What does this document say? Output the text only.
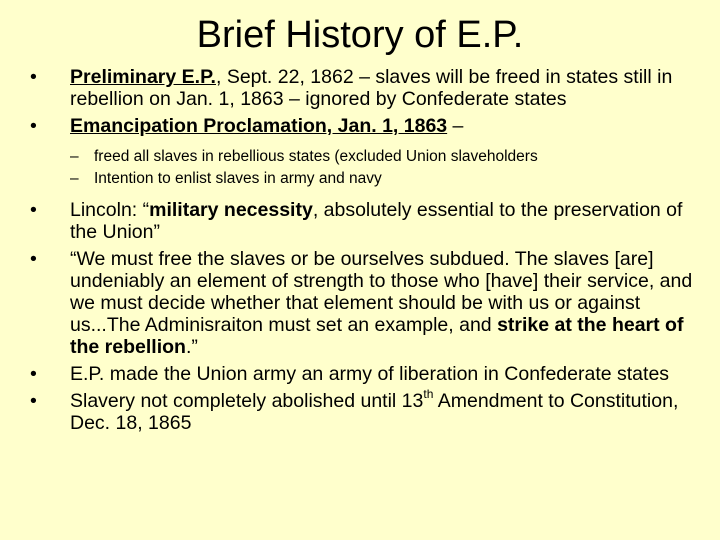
Brief History of E.P.
• Preliminary E.P., Sept. 22, 1862 – slaves will be freed in states still in rebellion on Jan. 1, 1863 – ignored by Confederate states
• Emancipation Proclamation, Jan. 1, 1863 –
– freed all slaves in rebellious states (excluded Union slaveholders
– Intention to enlist slaves in army and navy
• Lincoln: “military necessity, absolutely essential to the preservation of the Union”
• “We must free the slaves or be ourselves subdued. The slaves [are] undeniably an element of strength to those who [have] their service, and we must decide whether that element should be with us or against us...The Adminisraiton must set an example, and strike at the heart of the rebellion.”
• E.P. made the Union army an army of liberation in Confederate states
• Slavery not completely abolished until 13th Amendment to Constitution, Dec. 18, 1865
